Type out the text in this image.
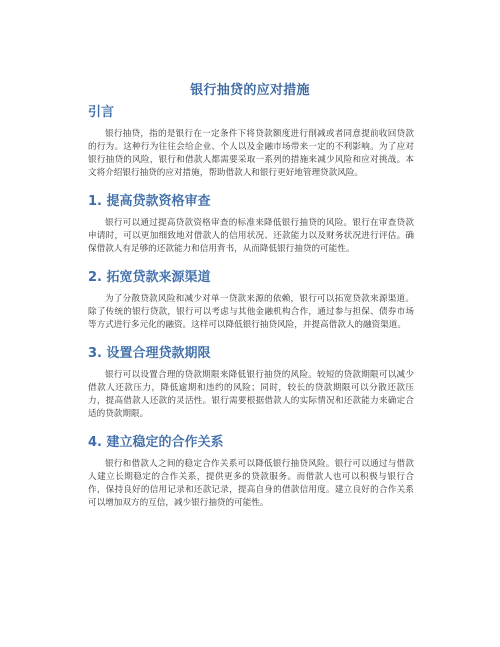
银行抽贷的应对措施
引言

银行抽贷，指的是银行在一定条件下将贷款额度进行削减或者同意提前收回贷款的行为。这种行为往往会给企业、个人以及金融市场带来一定的不利影响。为了应对银行抽贷的风险，银行和借款人都需要采取一系列的措施来减少风险和应对挑战。本文将介绍银行抽贷的应对措施，帮助借款人和银行更好地管理贷款风险。

1. 提高贷款资格审查

银行可以通过提高贷款资格审查的标准来降低银行抽贷的风险。银行在审查贷款申请时，可以更加细致地对借款人的信用状况、还款能力以及财务状况进行评估。确保借款人有足够的还款能力和信用背书，从而降低银行抽贷的可能性。

2. 拓宽贷款来源渠道

为了分散贷款风险和减少对单一贷款来源的依赖，银行可以拓宽贷款来源渠道。除了传统的银行贷款，银行可以考虑与其他金融机构合作，通过参与担保、债券市场等方式进行多元化的融资。这样可以降低银行抽贷风险，并提高借款人的融资渠道。

3. 设置合理贷款期限

银行可以设置合理的贷款期限来降低银行抽贷的风险。较短的贷款期限可以减少借款人还款压力，降低逾期和违约的风险；同时，较长的贷款期限可以分散还款压力，提高借款人还款的灵活性。银行需要根据借款人的实际情况和还款能力来确定合适的贷款期限。

4. 建立稳定的合作关系

银行和借款人之间的稳定合作关系可以降低银行抽贷风险。银行可以通过与借款人建立长期稳定的合作关系，提供更多的贷款服务。而借款人也可以积极与银行合作，保持良好的信用记录和还款记录，提高自身的借款信用度。建立良好的合作关系可以增加双方的互信，减少银行抽贷的可能性。
